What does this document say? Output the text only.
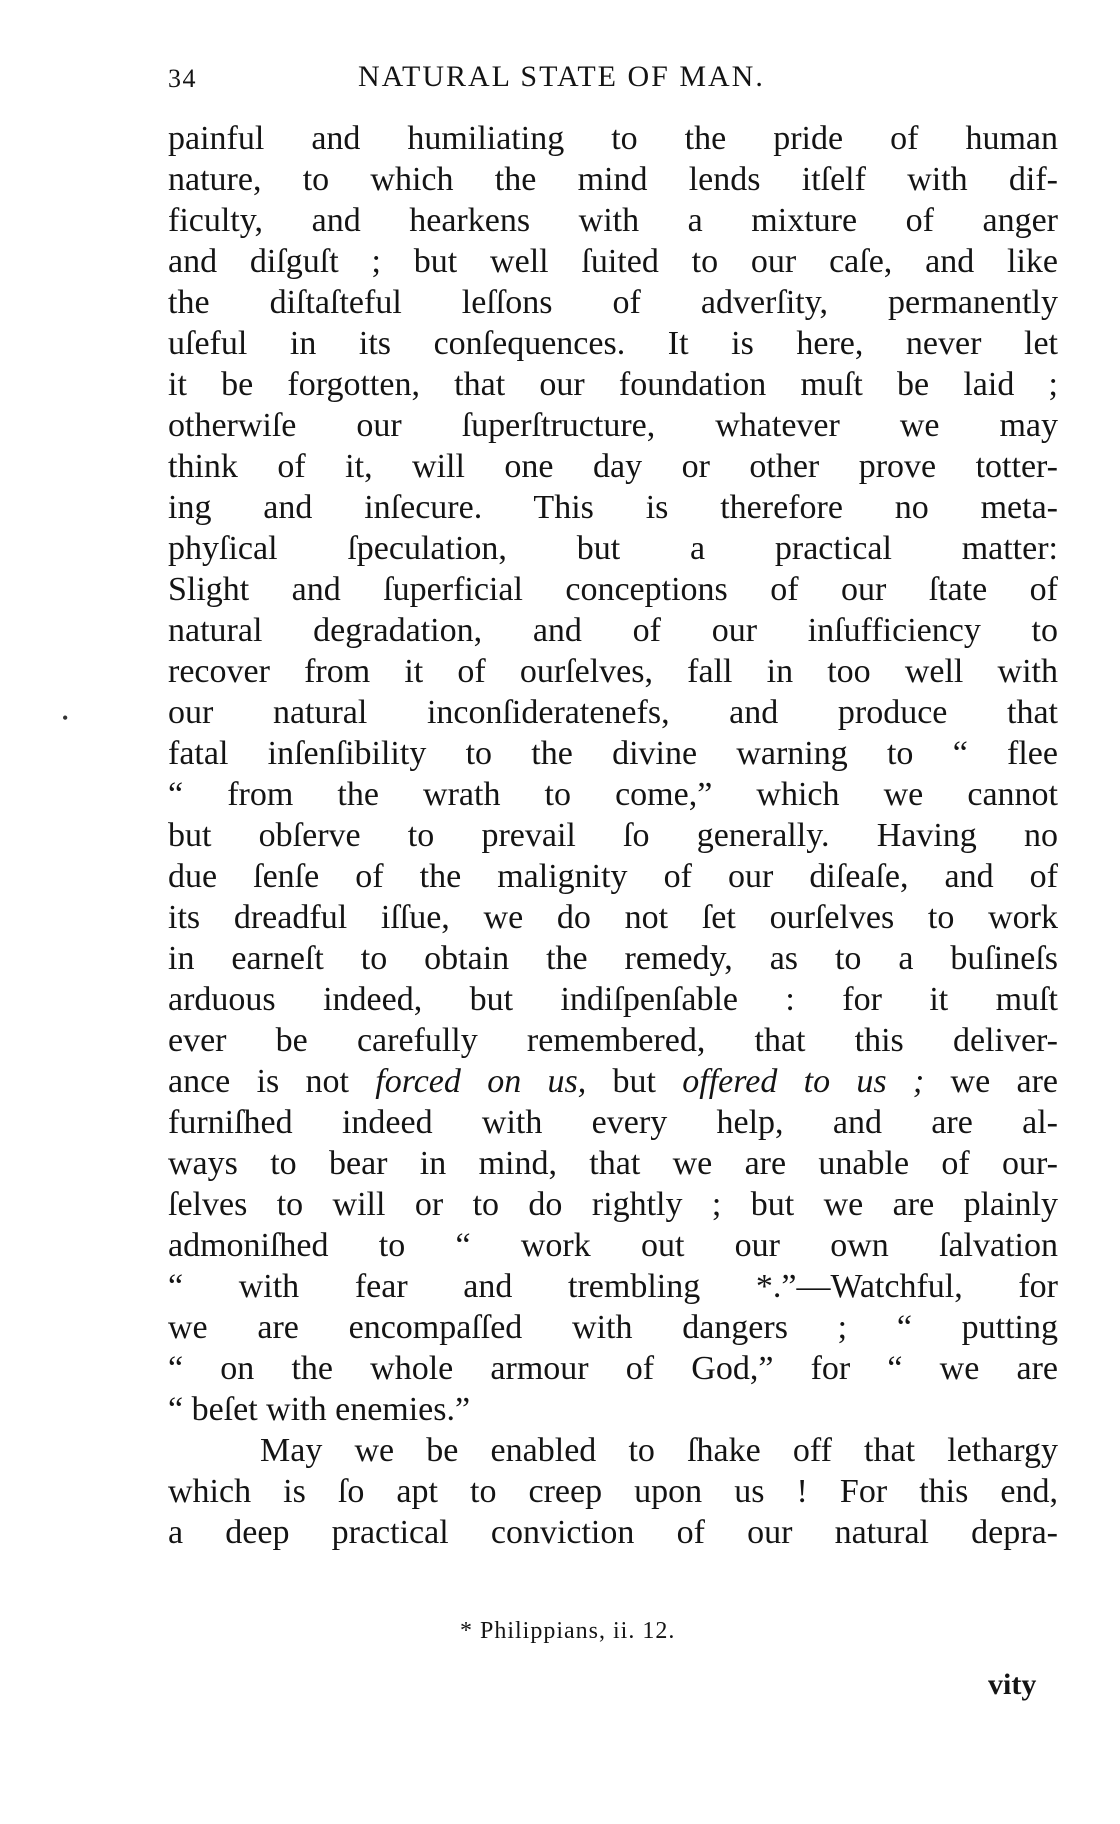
34	NATURAL STATE OF MAN.
painful and humiliating to the pride of human
nature, to which the mind lends itſelf with dif-
ficulty, and hearkens with a mixture of anger
and diſguſt ; but well ſuited to our caſe, and like
the diſtaſteful leſſons of adverſity, permanently
uſeful in its conſequences. It is here, never let
it be forgotten, that our foundation muſt be laid ;
otherwiſe our ſuperſtructure, whatever we may
think of it, will one day or other prove totter-
ing and inſecure. This is therefore no meta-
phyſical ſpeculation, but a practical matter:
Slight and ſuperficial conceptions of our ſtate of
natural degradation, and of our inſufficiency to
recover from it of ourſelves, fall in too well with
our natural inconſideratenefs, and produce that
fatal inſenſibility to the divine warning to “ flee
“ from the wrath to come,” which we cannot
but obſerve to prevail ſo generally. Having no
due ſenſe of the malignity of our diſeaſe, and of
its dreadful iſſue, we do not ſet ourſelves to work
in earneſt to obtain the remedy, as to a buſineſs
arduous indeed, but indiſpenſable : for it muſt
ever be carefully remembered, that this deliver-
ance is not forced on us, but offered to us ; we are
furniſhed indeed with every help, and are al-
ways to bear in mind, that we are unable of our-
ſelves to will or to do rightly ; but we are plainly
admoniſhed to “ work out our own ſalvation
“ with fear and trembling *.”—Watchful, for
we are encompaſſed with dangers ; “ putting
“ on the whole armour of God,” for “ we are
“ beſet with enemies.”
May we be enabled to ſhake off that lethargy
which is ſo apt to creep upon us ! For this end,
a deep practical conviction of our natural depra-
* Philippians, ii. 12.
vity
•
